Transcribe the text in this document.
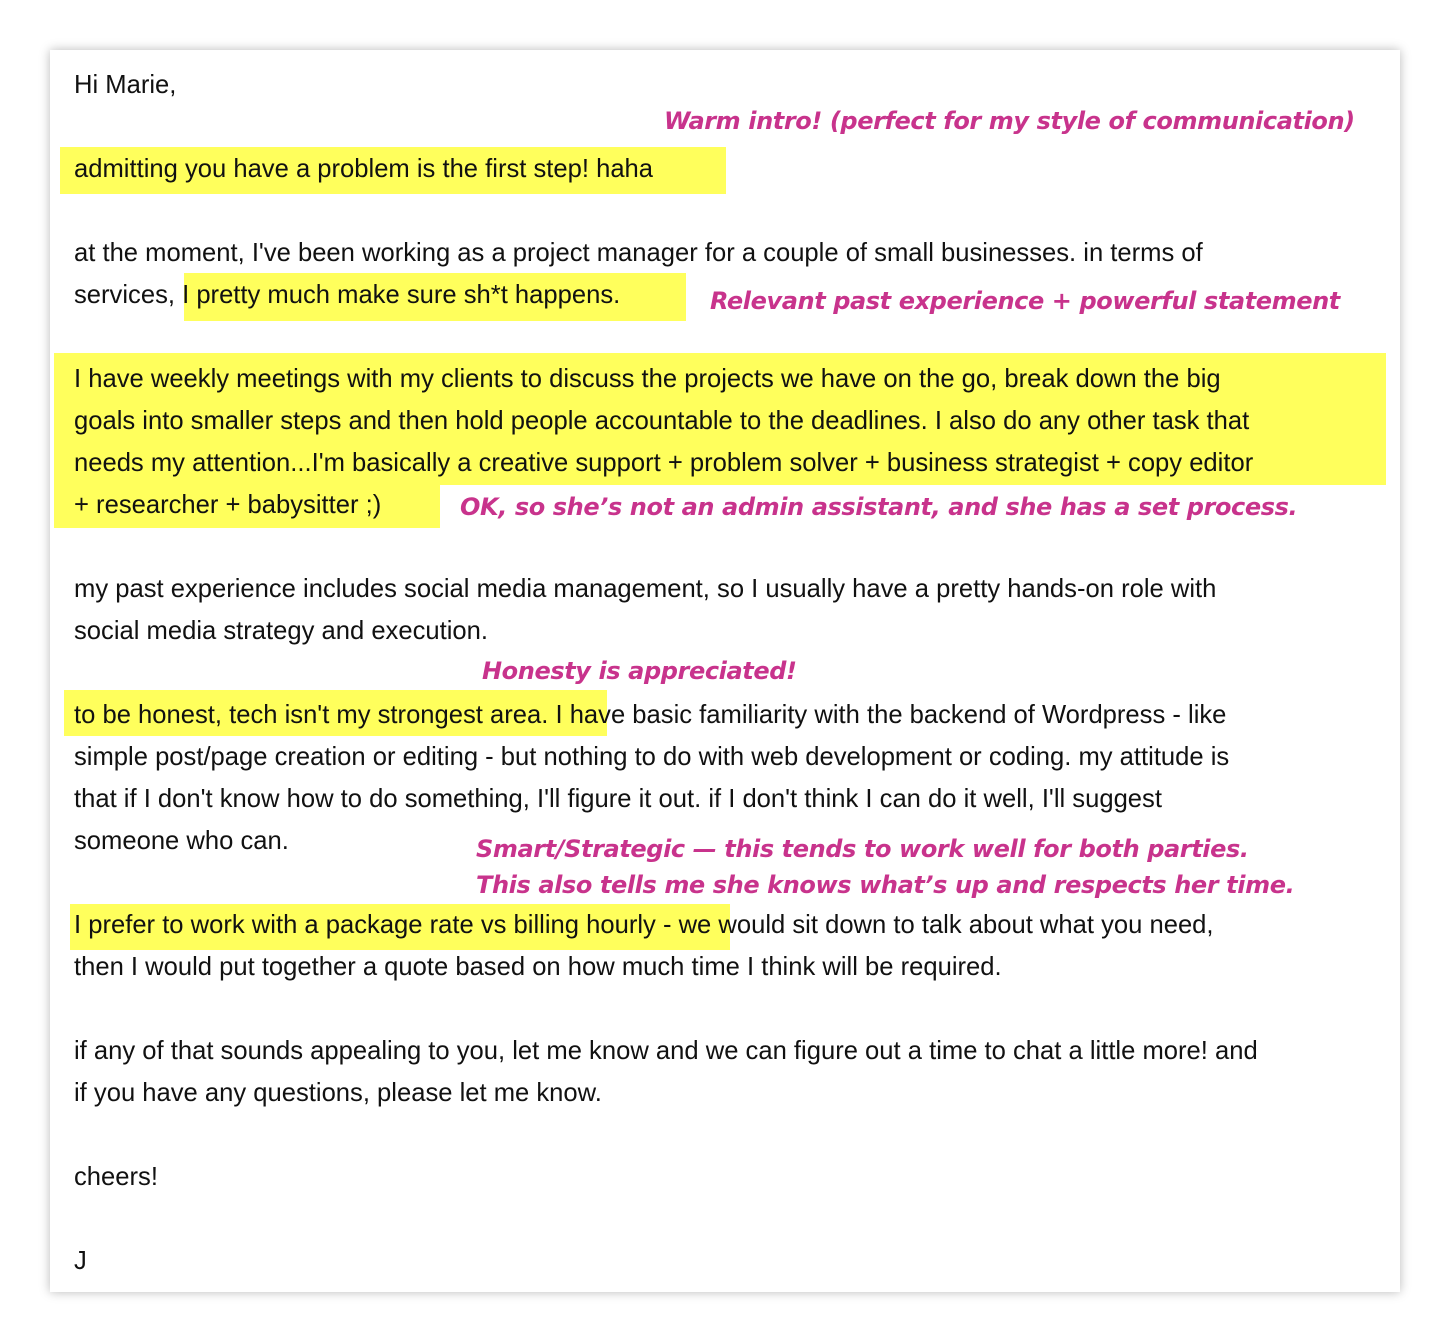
Hi Marie,
admitting you have a problem is the first step! haha
at the moment, I've been working as a project manager for a couple of small businesses. in terms of
services, I pretty much make sure sh*t happens.
I have weekly meetings with my clients to discuss the projects we have on the go, break down the big
goals into smaller steps and then hold people accountable to the deadlines. I also do any other task that
needs my attention...I'm basically a creative support + problem solver + business strategist + copy editor
+ researcher + babysitter ;)
my past experience includes social media management, so I usually have a pretty hands-on role with
social media strategy and execution.
to be honest, tech isn't my strongest area. I have basic familiarity with the backend of Wordpress - like
simple post/page creation or editing - but nothing to do with web development or coding. my attitude is
that if I don't know how to do something, I'll figure it out. if I don't think I can do it well, I'll suggest
someone who can.
I prefer to work with a package rate vs billing hourly - we would sit down to talk about what you need,
then I would put together a quote based on how much time I think will be required.
if any of that sounds appealing to you, let me know and we can figure out a time to chat a little more! and
if you have any questions, please let me know.
cheers!
J
Warm intro! (perfect for my style of communication)
Relevant past experience + powerful statement
OK, so she’s not an admin assistant, and she has a set process.
Honesty is appreciated!
Smart/Strategic — this tends to work well for both parties.
This also tells me she knows what’s up and respects her time.
